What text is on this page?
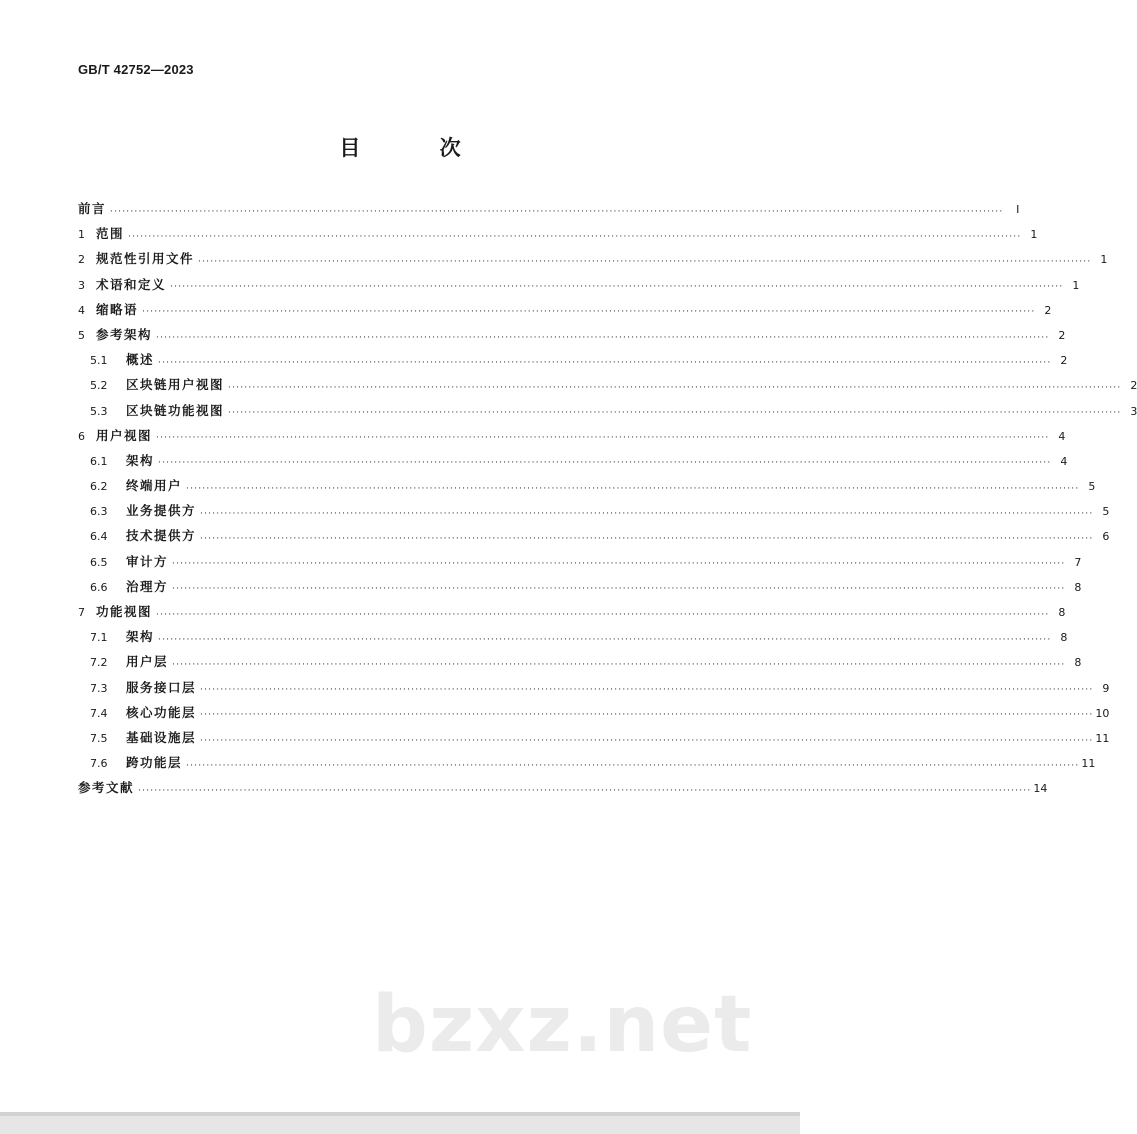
GB/T 42752—2023
目 次
前言 ····························································································································································································································	Ⅰ
1 范围 ···························································································································································································································· 1
2 规范性引用文件 ···························································································································································································································· 1
3 术语和定义 ···························································································································································································································· 1
4 缩略语 ···························································································································································································································· 2
5 参考架构 ···························································································································································································································· 2
5.1	概述 ···························································································································································································································· 2
5.2	区块链用户视图 ···························································································································································································································· 2
5.3	区块链功能视图 ···························································································································································································································· 3
6 用户视图 ···························································································································································································································· 4
6.1	架构 ···························································································································································································································· 4
6.2	终端用户 ···························································································································································································································· 5
6.3	业务提供方 ···························································································································································································································· 5
6.4	技术提供方 ···························································································································································································································· 6
6.5	审计方 ···························································································································································································································· 7
6.6	治理方 ···························································································································································································································· 8
7 功能视图 ···························································································································································································································· 8
7.1	架构 ···························································································································································································································· 8
7.2	用户层 ···························································································································································································································· 8
7.3	服务接口层 ···························································································································································································································· 9
7.4	核心功能层 ···························································································································································································································· 10
7.5	基础设施层 ···························································································································································································································· 11
7.6	跨功能层 ···························································································································································································································· 11
参考文献 ···························································································································································································································· 14
bzxz.net
